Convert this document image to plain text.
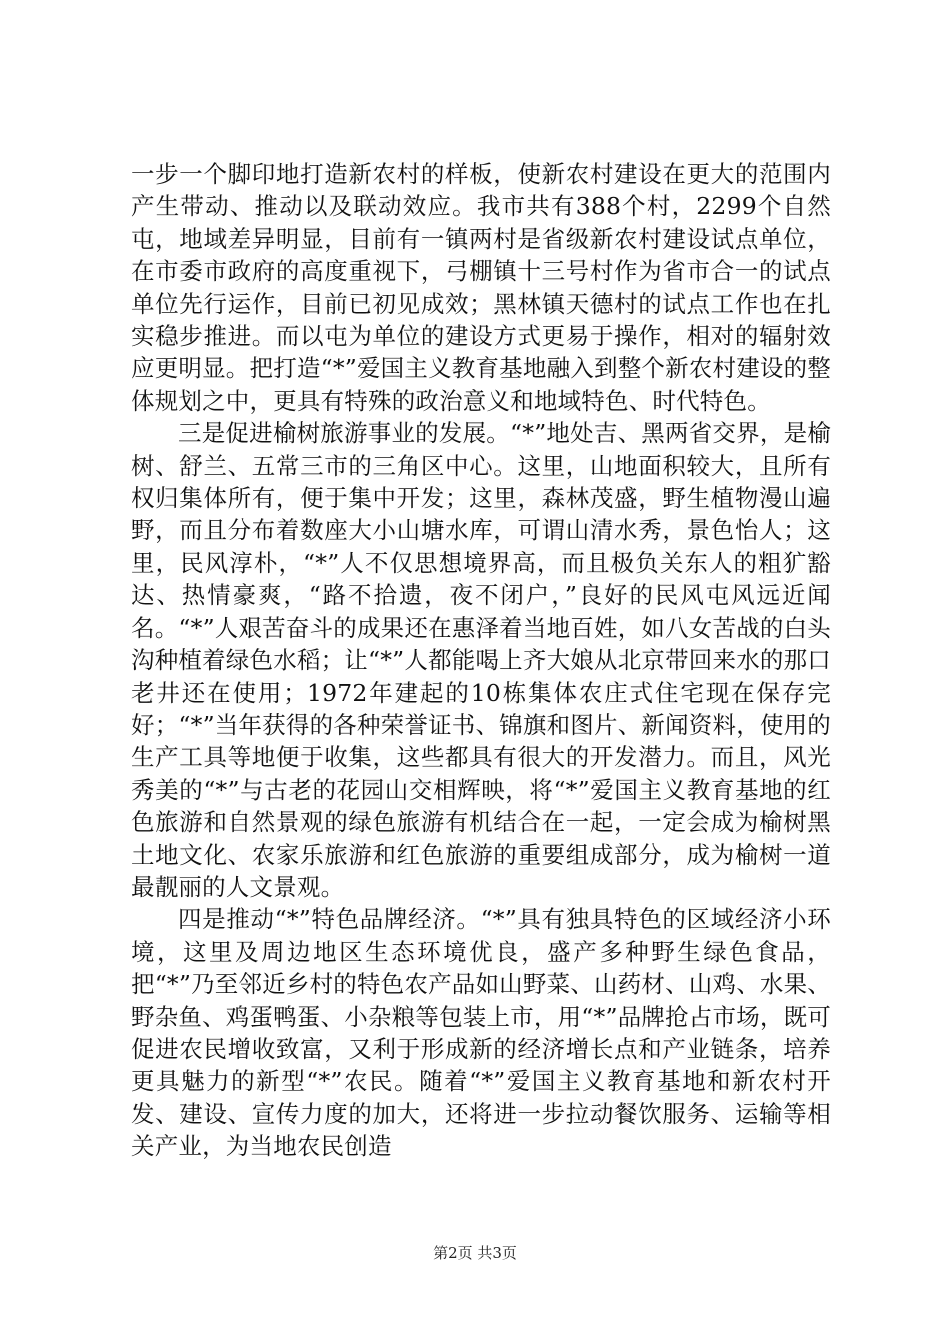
一步一个脚印地打造新农村的样板，使新农村建设在更大的范围内产生带动、推动以及联动效应。我市共有388个村，2299个自然屯，地域差异明显，目前有一镇两村是省级新农村建设试点单位，在市委市政府的高度重视下，弓棚镇十三号村作为省市合一的试点单位先行运作，目前已初见成效；黑林镇天德村的试点工作也在扎实稳步推进。而以屯为单位的建设方式更易于操作，相对的辐射效应更明显。把打造“*”爱国主义教育基地融入到整个新农村建设的整体规划之中，更具有特殊的政治意义和地域特色、时代特色。

三是促进榆树旅游事业的发展。“*”地处吉、黑两省交界，是榆树、舒兰、五常三市的三角区中心。这里，山地面积较大，且所有权归集体所有，便于集中开发；这里，森林茂盛，野生植物漫山遍野，而且分布着数座大小山塘水库，可谓山清水秀，景色怡人；这里，民风淳朴，“*”人不仅思想境界高，而且极负关东人的粗犷豁达、热情豪爽，“路不拾遗，夜不闭户，”良好的民风屯风远近闻名。“*”人艰苦奋斗的成果还在惠泽着当地百姓，如八女苦战的白头沟种植着绿色水稻；让“*”人都能喝上齐大娘从北京带回来水的那口老井还在使用；1972年建起的10栋集体农庄式住宅现在保存完好；“*”当年获得的各种荣誉证书、锦旗和图片、新闻资料，使用的生产工具等地便于收集，这些都具有很大的开发潜力。而且，风光秀美的“*”与古老的花园山交相辉映，将“*”爱国主义教育基地的红色旅游和自然景观的绿色旅游有机结合在一起，一定会成为榆树黑土地文化、农家乐旅游和红色旅游的重要组成部分，成为榆树一道最靓丽的人文景观。

四是推动“*”特色品牌经济。“*”具有独具特色的区域经济小环境，这里及周边地区生态环境优良，盛产多种野生绿色食品，把“*”乃至邻近乡村的特色农产品如山野菜、山药材、山鸡、水果、野杂鱼、鸡蛋鸭蛋、小杂粮等包装上市，用“*”品牌抢占市场，既可促进农民增收致富，又利于形成新的经济增长点和产业链条，培养更具魅力的新型“*”农民。随着“*”爱国主义教育基地和新农村开发、建设、宣传力度的加大，还将进一步拉动餐饮服务、运输等相关产业，为当地农民创造

第2页 共3页
